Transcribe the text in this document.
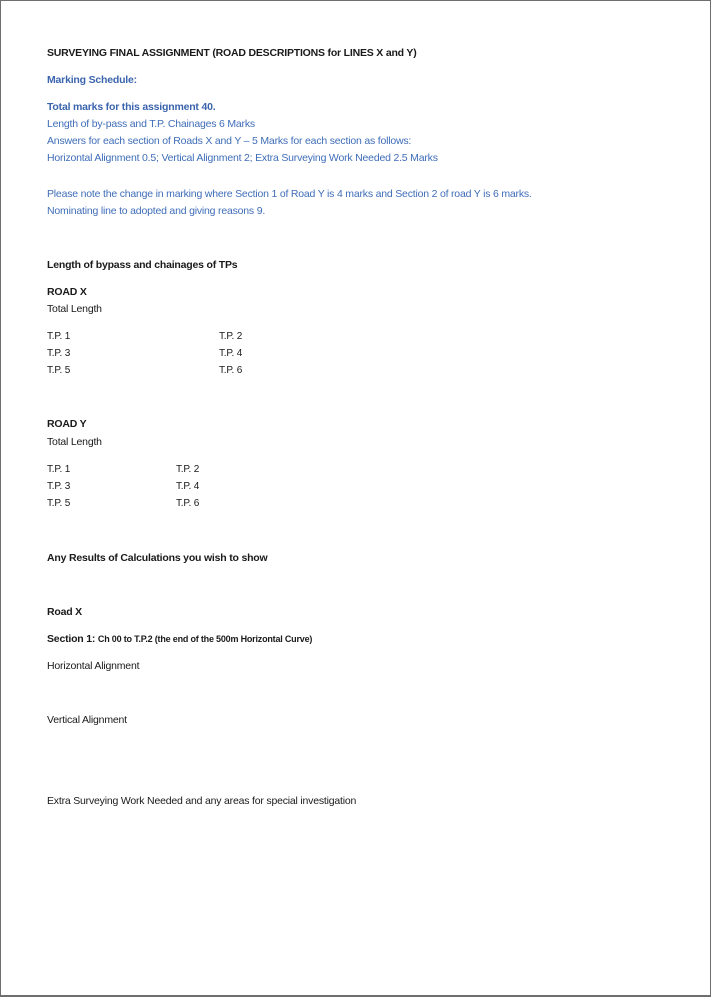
SURVEYING FINAL ASSIGNMENT (ROAD DESCRIPTIONS for LINES X and Y)
Marking Schedule:
Total marks for this assignment 40.
Length of by-pass and T.P. Chainages 6 Marks
Answers for each section of Roads X and Y – 5 Marks for each section as follows:
Horizontal Alignment 0.5; Vertical Alignment 2; Extra Surveying Work Needed 2.5 Marks
Please note the change in marking where Section 1 of Road Y is 4 marks and Section 2 of road Y is 6 marks.
Nominating line to adopted and giving reasons 9.
Length of bypass and chainages of TPs
ROAD X
Total Length
T.P. 1	T.P. 2
T.P. 3	T.P. 4
T.P. 5	T.P. 6
ROAD Y
Total Length
T.P. 1	T.P. 2
T.P. 3	T.P. 4
T.P. 5	T.P. 6
Any Results of Calculations you wish to show
Road X
Section 1: Ch 00 to T.P.2 (the end of the 500m Horizontal Curve)
Horizontal Alignment
Vertical Alignment
Extra Surveying Work Needed and any areas for special investigation
